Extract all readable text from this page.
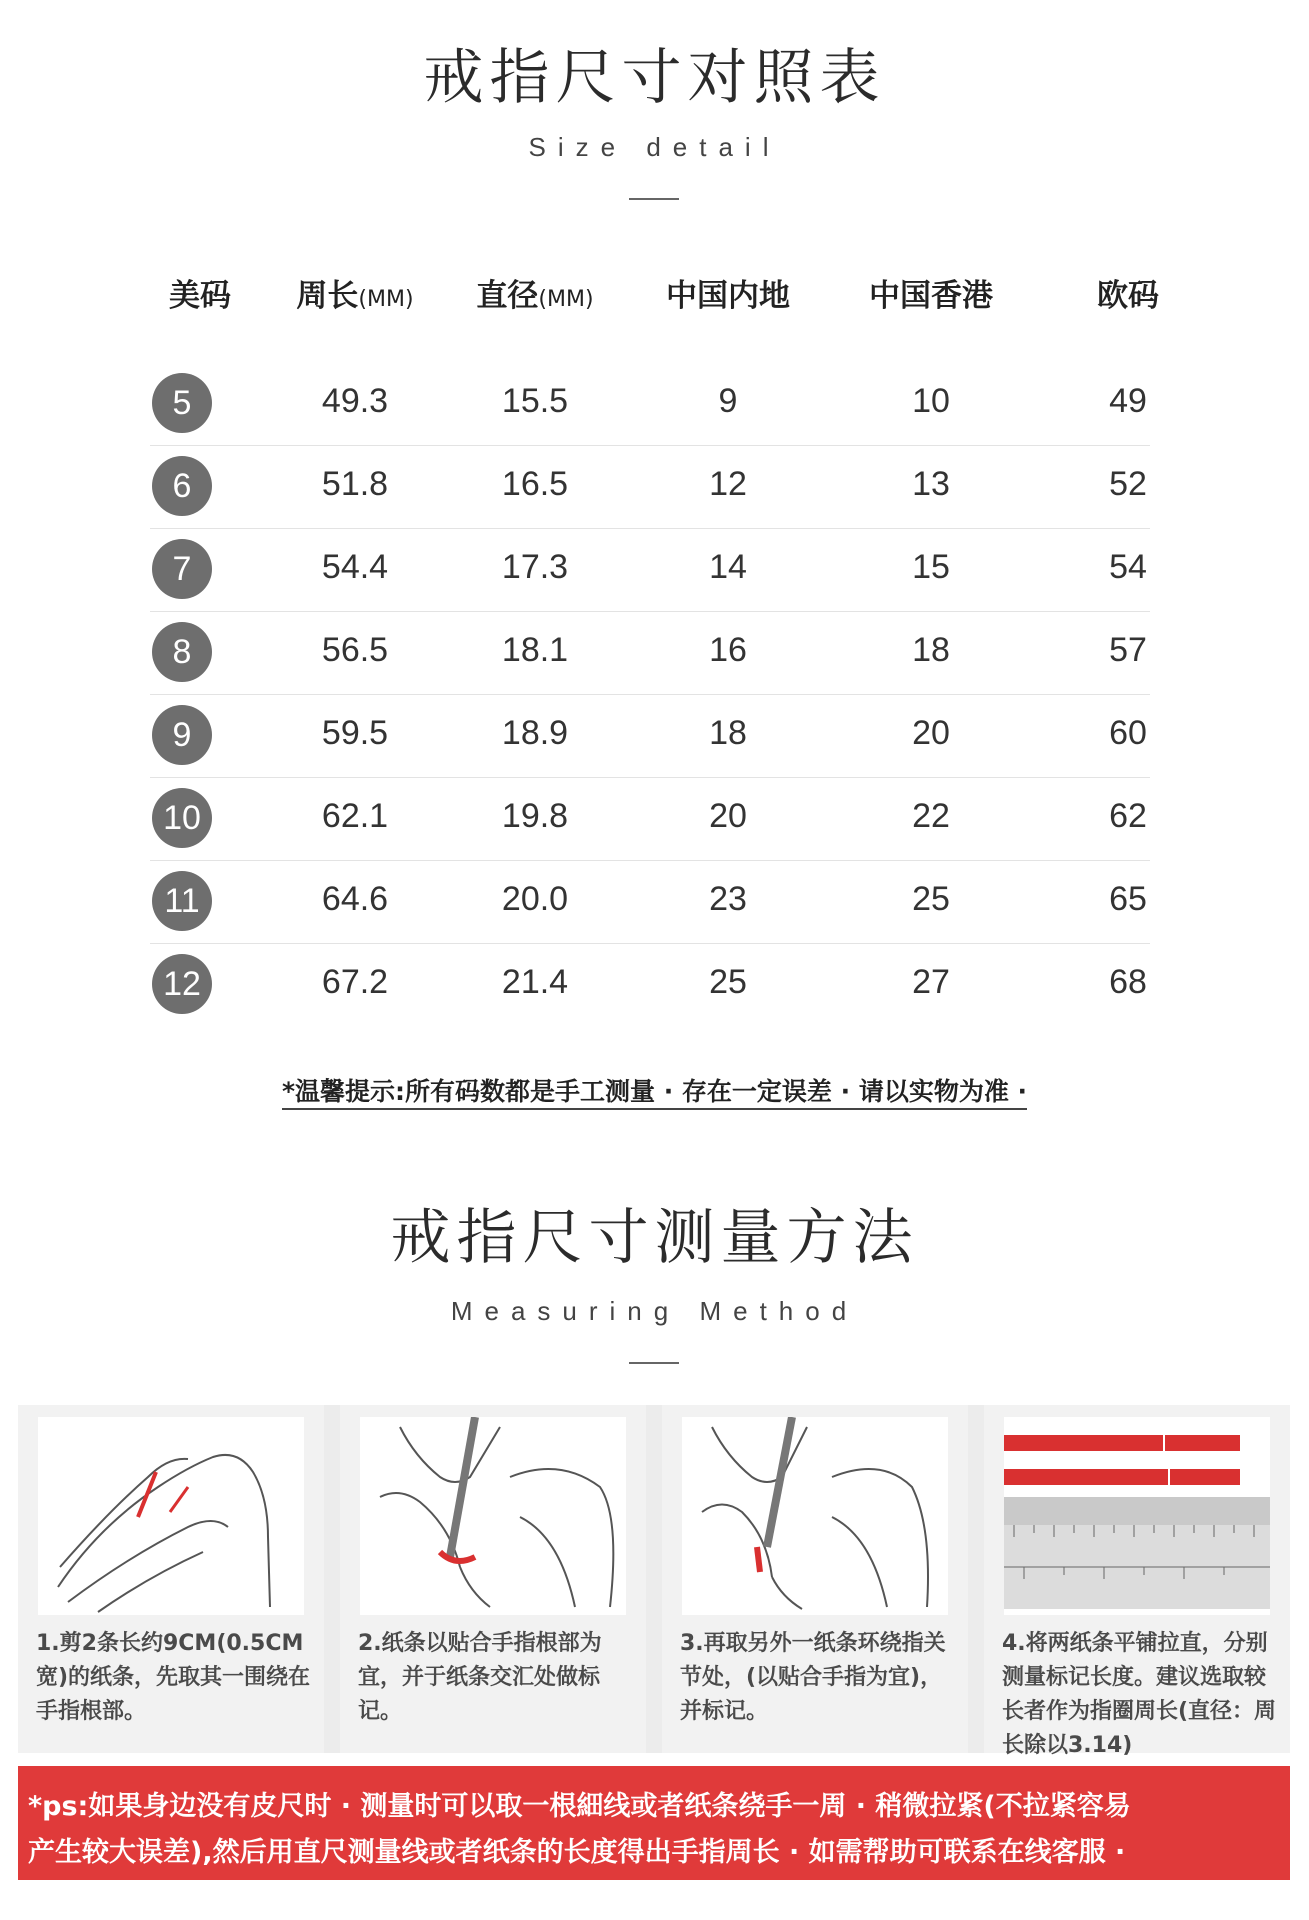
戒指尺寸对照表
Size detail
美码 周长(MM) 直径(MM) 中国内地	中国香港	欧码
5	49.3	15.5	9	10	49
6	51.8	16.5	12	13	52
7	54.4	17.3	14	15	54
8	56.5	18.1	16	18	57
9	59.5	18.9	18	20	60
10	62.1	19.8	20	22	62
11	64.6	20.0	23	25	65
12	67.2	21.4	25	27	68
*温馨提示:所有码数都是手工测量 · 存在一定误差 · 请以实物为准 ·
戒指尺寸测量方法
Measuring Method
1.剪2条长约9CM(0.5CM宽)的纸条，先取其一围绕在手指根部。
2.纸条以贴合手指根部为宜，并于纸条交汇处做标记。
3.再取另外一纸条环绕指关节处，(以贴合手指为宜)，并标记。
4.将两纸条平铺拉直，分别测量标记长度。建议选取较长者作为指圈周长(直径：周长除以3.14)
*ps:如果身边没有皮尺时 · 测量时可以取一根細线或者纸条绕手一周 · 稍微拉紧(不拉紧容易
产生较大误差),然后用直尺测量线或者纸条的长度得出手指周长 · 如需帮助可联系在线客服 ·
